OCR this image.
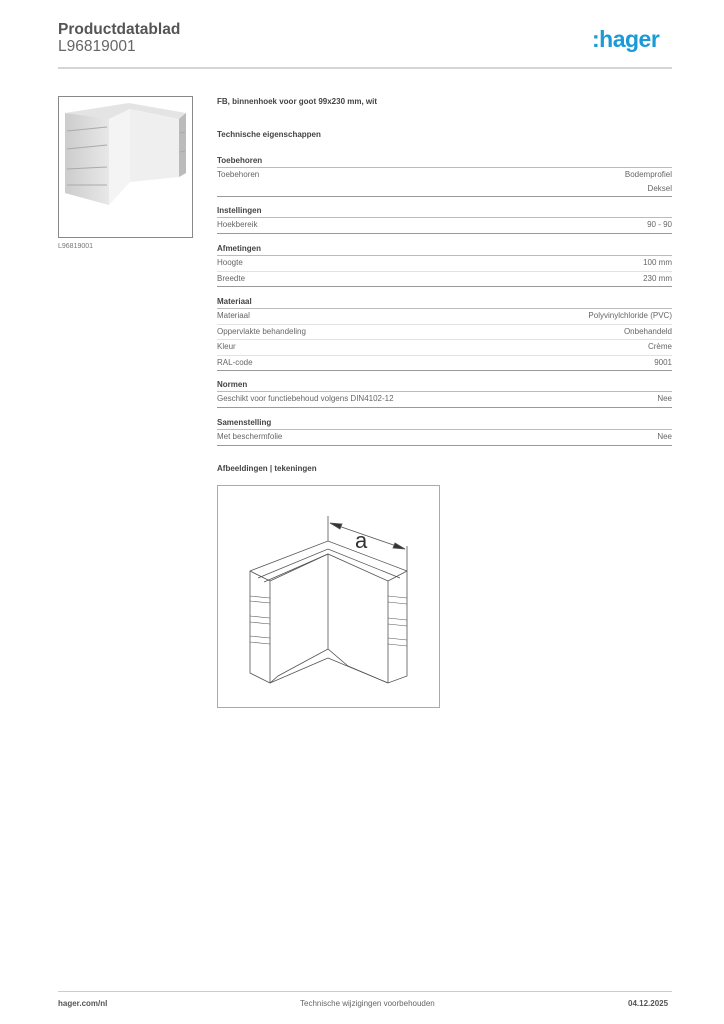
Productdatablad
L96819001	:hager
L96819001
FB, binnenhoek voor goot 99x230 mm, wit
Technische eigenschappen
Toebehoren
Toebehoren	Bodemprofiel
Deksel
Instellingen
Hoekbereik	90 - 90
Afmetingen
Hoogte	100 mm
Breedte	230 mm
Materiaal
Materiaal	Polyvinylchloride (PVC)
Oppervlakte behandeling	Onbehandeld
Kleur	Crème
RAL-code	9001
Normen
Geschikt voor functiebehoud volgens DIN4102-12	Nee
Samenstelling
Met beschermfolie	Nee
Afbeeldingen | tekeningen
a
hager.com/nl	Technische wijzigingen voorbehouden	04.12.2025
